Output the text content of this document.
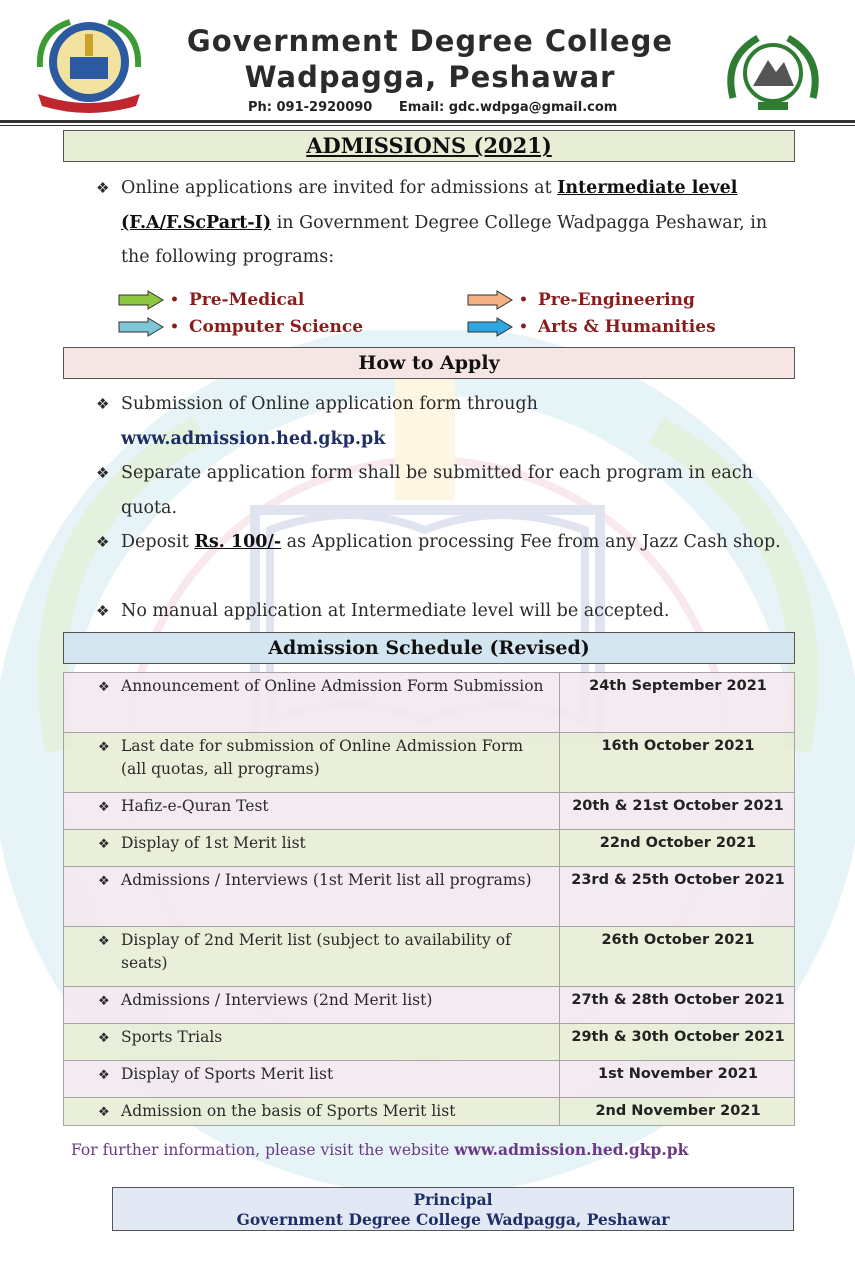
Government Degree College
Wadpagga, Peshawar
Ph: 091-2920090 Email: gdc.wdpga@gmail.com
ADMISSIONS (2021)
❖ Online applications are invited for admissions at Intermediate level (F.A/F.ScPart-I) in Government Degree College Wadpagga Peshawar, in the following programs:
• Pre-Medical	• Pre-Engineering
• Computer Science	• Arts & Humanities
How to Apply
❖ Submission of Online application form through
www.admission.hed.gkp.pk
❖ Separate application form shall be submitted for each program in each quota.
❖ Deposit Rs. 100/- as Application processing Fee from any Jazz Cash shop.
❖ No manual application at Intermediate level will be accepted.
Admission Schedule (Revised)
❖ Announcement of Online Admission Form Submission	24th September 2021

❖ Last date for submission of Online Admission Form (all quotas, all programs)	16th October 2021

❖ Hafiz-e-Quran Test	20th & 21st October 2021

❖ Display of 1st Merit list	22nd October 2021

❖ Admissions / Interviews (1st Merit list all programs)	23rd & 25th October 2021

❖ Display of 2nd Merit list (subject to availability of seats)	26th October 2021

❖ Admissions / Interviews (2nd Merit list)	27th & 28th October 2021

❖ Sports Trials	29th & 30th October 2021

❖ Display of Sports Merit list	1st November 2021

❖ Admission on the basis of Sports Merit list	2nd November 2021
For further information, please visit the website www.admission.hed.gkp.pk
Principal
Government Degree College Wadpagga, Peshawar
